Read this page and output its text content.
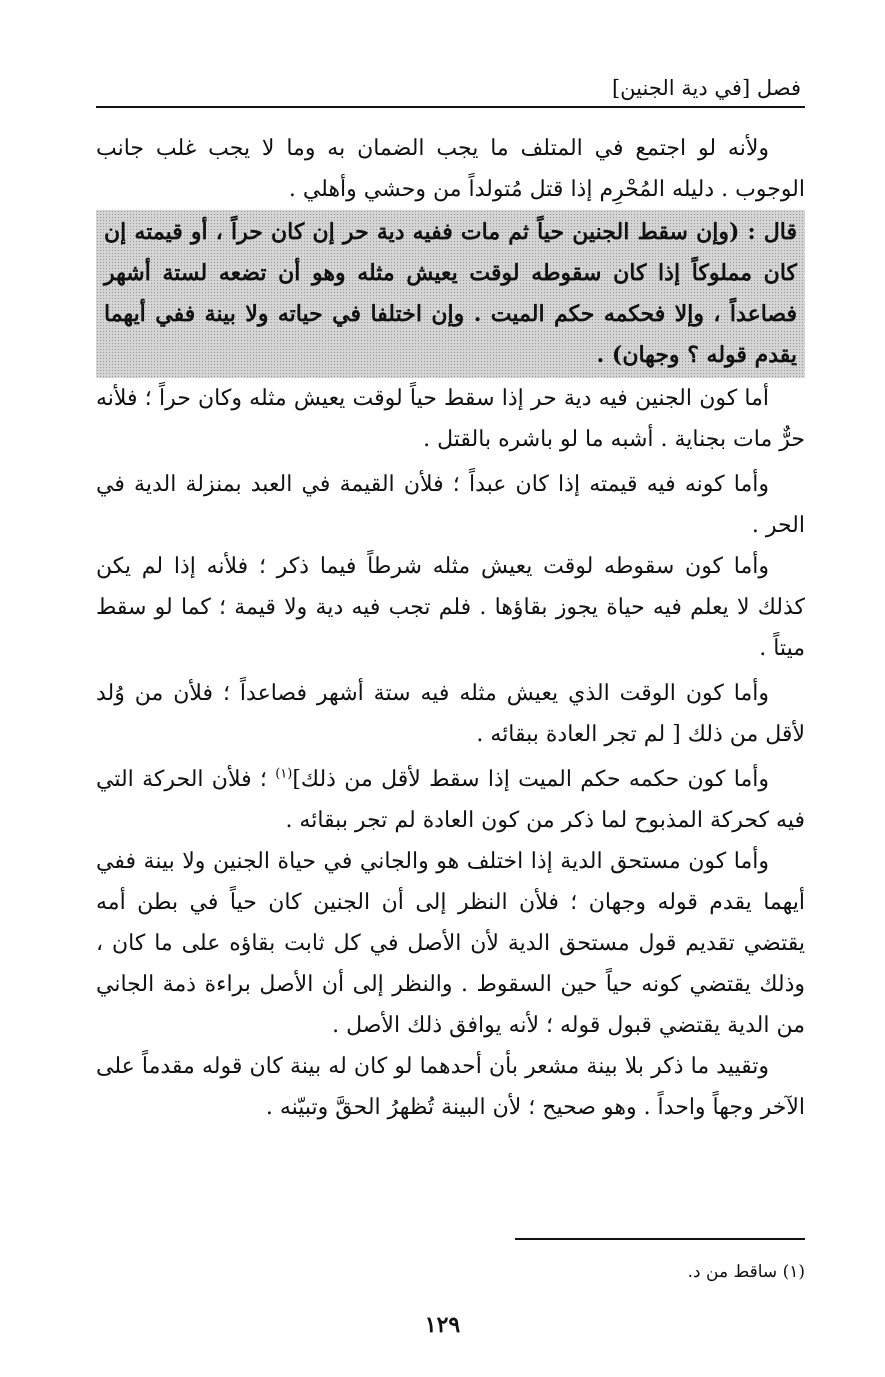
فصل [في دية الجنين]

ولأنه لو اجتمع في المتلف ما يجب الضمان به وما لا يجب غلب جانب الوجوب . دليله المُحْرِم إذا قتل مُتولداً من وحشي وأهلي .

قال : (وإن سقط الجنين حياً ثم مات ففيه دية حر إن كان حراً ، أو قيمته إن كان مملوكاً إذا كان سقوطه لوقت يعيش مثله وهو أن تضعه لستة أشهر فصاعداً ، وإلا فحكمه حكم الميت . وإن اختلفا في حياته ولا بينة ففي أيهما يقدم قوله ؟ وجهان) .

أما كون الجنين فيه دية حر إذا سقط حياً لوقت يعيش مثله وكان حراً ؛ فلأنه حرٌّ مات بجناية . أشبه ما لو باشره بالقتل .

وأما كونه فيه قيمته إذا كان عبداً ؛ فلأن القيمة في العبد بمنزلة الدية في الحر .

وأما كون سقوطه لوقت يعيش مثله شرطاً فيما ذكر ؛ فلأنه إذا لم يكن كذلك لا يعلم فيه حياة يجوز بقاؤها . فلم تجب فيه دية ولا قيمة ؛ كما لو سقط ميتاً .

وأما كون الوقت الذي يعيش مثله فيه ستة أشهر فصاعداً ؛ فلأن من وُلد لأقل من ذلك [ لم تجر العادة ببقائه .

وأما كون حكمه حكم الميت إذا سقط لأقل من ذلك]$^{(١)}$ ؛ فلأن الحركة التي فيه كحركة المذبوح لما ذكر من كون العادة لم تجر ببقائه .

وأما كون مستحق الدية إذا اختلف هو والجاني في حياة الجنين ولا بينة ففي أيهما يقدم قوله وجهان ؛ فلأن النظر إلى أن الجنين كان حياً في بطن أمه يقتضي تقديم قول مستحق الدية لأن الأصل في كل ثابت بقاؤه على ما كان ، وذلك يقتضي كونه حياً حين السقوط . والنظر إلى أن الأصل براءة ذمة الجاني من الدية يقتضي قبول قوله ؛ لأنه يوافق ذلك الأصل .

وتقييد ما ذكر بلا بينة مشعر بأن أحدهما لو كان له بينة كان قوله مقدماً على الآخر وجهاً واحداً . وهو صحيح ؛ لأن البينة تُظهرُ الحقَّ وتبيّنه .

(١) ساقط من د.
١٢٩
